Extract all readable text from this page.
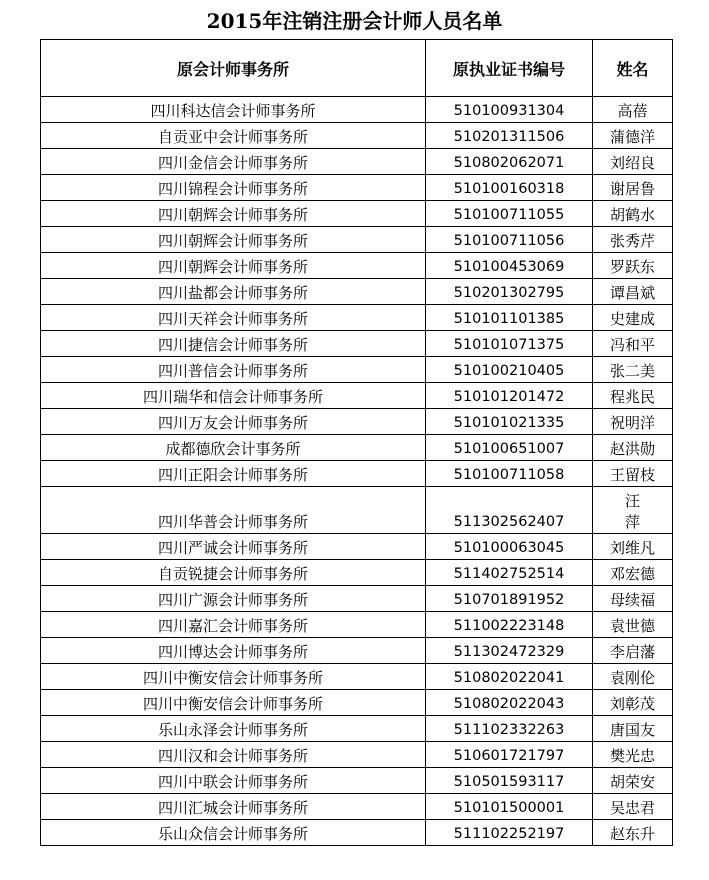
2015年注销注册会计师人员名单
原会计师事务所	原执业证书编号	姓名
四川科达信会计师事务所	510100931304	高蓓
自贡亚中会计师事务所	510201311506	蒲德洋
四川金信会计师事务所	510802062071	刘绍良
四川锦程会计师事务所	510100160318	谢居鲁
四川朝辉会计师事务所	510100711055	胡鹤水
四川朝辉会计师事务所	510100711056	张秀芹
四川朝辉会计师事务所	510100453069	罗跃东
四川盐都会计师事务所	510201302795	谭昌斌
四川天祥会计师事务所	510101101385	史建成
四川捷信会计师事务所	510101071375	冯和平
四川普信会计师事务所	510100210405	张二美
四川瑞华和信会计师事务所	510101201472	程兆民
四川万友会计师事务所	510101021335	祝明洋
成都德欣会计事务所	510100651007	赵洪勋
四川正阳会计师事务所	510100711058	王留枝
四川华普会计师事务所	511302562407	汪
萍

四川严诚会计师事务所	510100063045	刘维凡
自贡锐捷会计师事务所	511402752514	邓宏德
四川广源会计师事务所	510701891952	母续福
四川嘉汇会计师事务所	511002223148	袁世德
四川博达会计师事务所	511302472329	李启藩
四川中衡安信会计师事务所	510802022041	袁刚伦
四川中衡安信会计师事务所	510802022043	刘彰茂
乐山永泽会计师事务所	511102332263	唐国友
四川汉和会计师事务所	510601721797	樊光忠
四川中联会计师事务所	510501593117	胡荣安
四川汇城会计师事务所	510101500001	吴忠君
乐山众信会计师事务所	511102252197	赵东升
